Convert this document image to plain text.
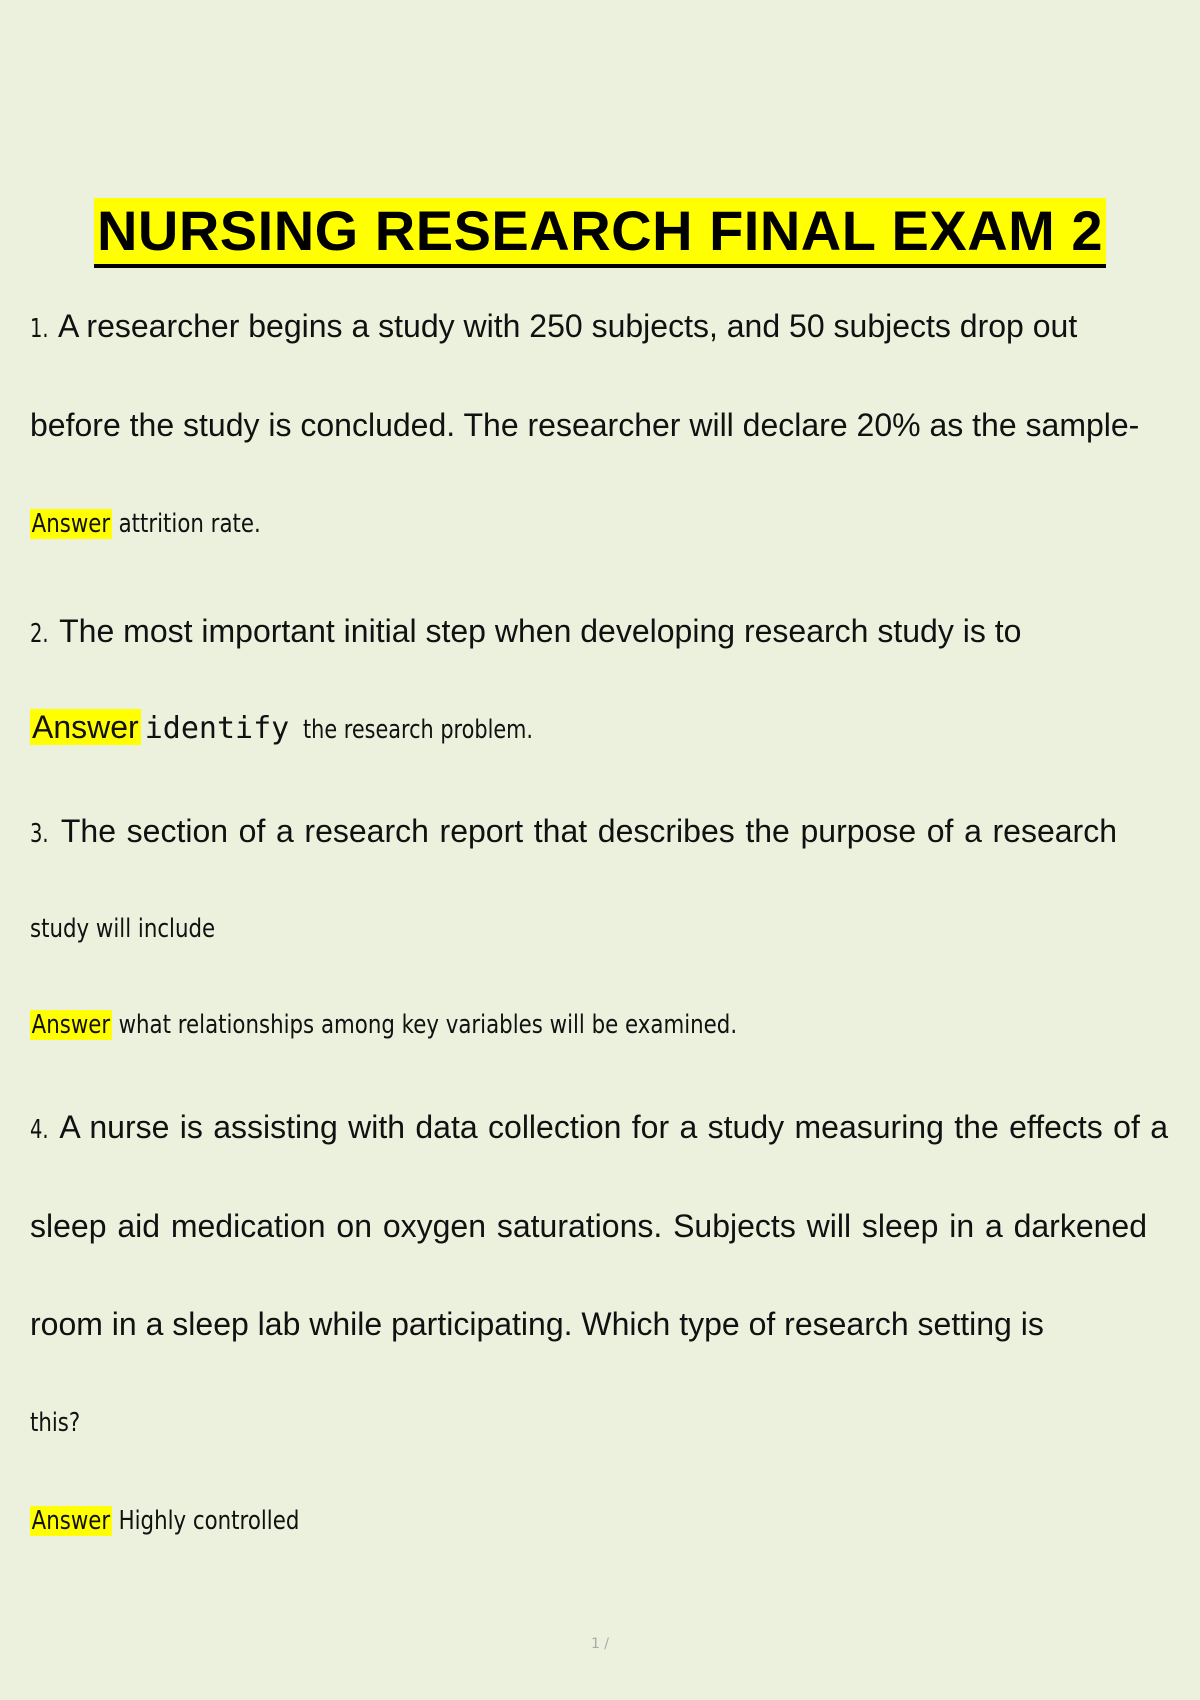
NURSING RESEARCH FINAL EXAM 2
1. A researcher begins a study with 250 subjects, and 50 subjects drop out
before the study is concluded. The researcher will declare 20% as the sample-
Answer attrition rate.
2. The most important initial step when developing research study is to
Answer identify the research problem.
3. The section of a research report that describes the purpose of a research
study will include
Answer what relationships among key variables will be examined.
4. A nurse is assisting with data collection for a study measuring the effects of a
sleep aid medication on oxygen saturations. Subjects will sleep in a darkened
room in a sleep lab while participating. Which type of research setting is
this?
Answer Highly controlled
1 /
